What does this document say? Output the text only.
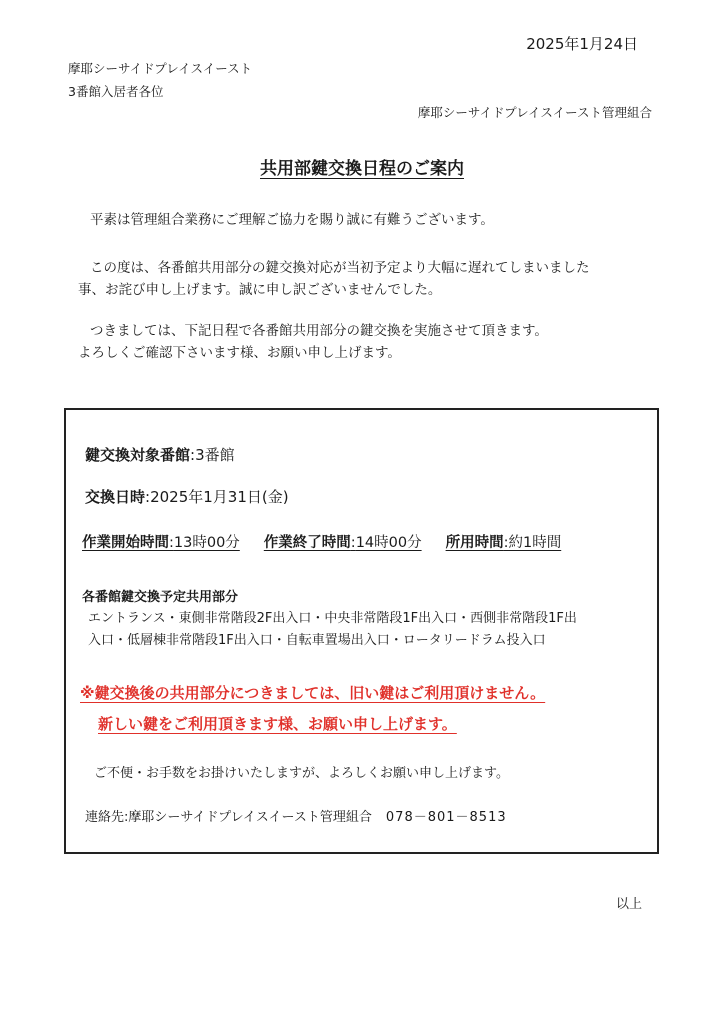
2025年1月24日
摩耶シーサイドプレイスイースト
3番館入居者各位
摩耶シーサイドプレイスイースト管理組合
共用部鍵交換日程のご案内
平素は管理組合業務にご理解ご協力を賜り誠に有難うございます。
この度は、各番館共用部分の鍵交換対応が当初予定より大幅に遅れてしまいました
事、お詫び申し上げます。誠に申し訳ございませんでした。
つきましては、下記日程で各番館共用部分の鍵交換を実施させて頂きます。
よろしくご確認下さいます様、お願い申し上げます。
鍵交換対象番館:3番館
交換日時:2025年1月31日(金)
作業開始時間:13時00分 作業終了時間:14時00分 所用時間:約1時間
各番館鍵交換予定共用部分
エントランス・東側非常階段2F出入口・中央非常階段1F出入口・西側非常階段1F出
入口・低層棟非常階段1F出入口・自転車置場出入口・ロータリードラム投入口
※鍵交換後の共用部分につきましては、旧い鍵はご利用頂けません。
新しい鍵をご利用頂きます様、お願い申し上げます。
ご不便・お手数をお掛けいたしますが、よろしくお願い申し上げます。
連絡先:摩耶シーサイドプレイスイースト管理組合 078－801－8513
以上
